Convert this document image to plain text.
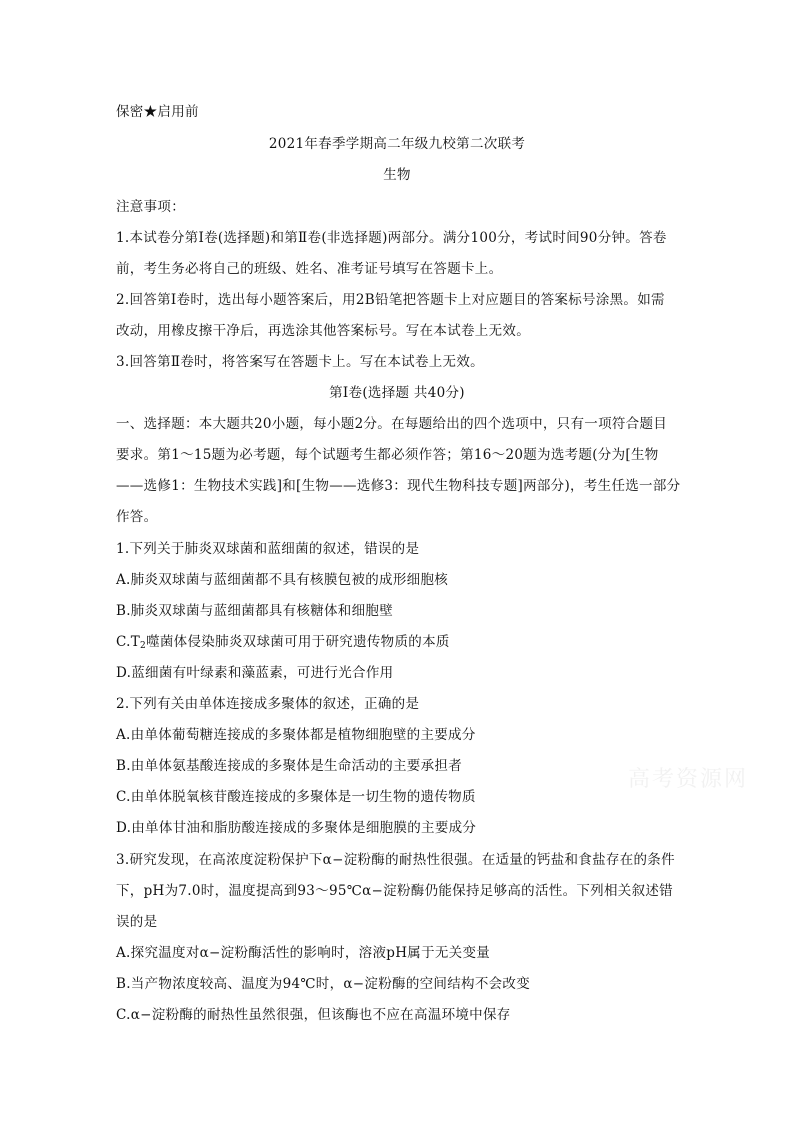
保密★启用前
2021年春季学期高二年级九校第二次联考
生物
注意事项：
1.本试卷分第Ⅰ卷(选择题)和第Ⅱ卷(非选择题)两部分。满分100分，考试时间90分钟。答卷
前，考生务必将自己的班级、姓名、准考证号填写在答题卡上。
2.回答第Ⅰ卷时，选出每小题答案后，用2B铅笔把答题卡上对应题目的答案标号涂黑。如需
改动，用橡皮擦干净后，再选涂其他答案标号。写在本试卷上无效。
3.回答第Ⅱ卷时，将答案写在答题卡上。写在本试卷上无效。
第Ⅰ卷(选择题 共40分)
一、选择题：本大题共20小题，每小题2分。在每题给出的四个选项中，只有一项符合题目
要求。第1～15题为必考题，每个试题考生都必须作答；第16～20题为选考题(分为[生物
——选修1：生物技术实践]和[生物——选修3：现代生物科技专题]两部分)，考生任选一部分
作答。
1.下列关于肺炎双球菌和蓝细菌的叙述，错误的是
A.肺炎双球菌与蓝细菌都不具有核膜包被的成形细胞核
B.肺炎双球菌与蓝细菌都具有核糖体和细胞壁
$C.T_2$噬菌体侵染肺炎双球菌可用于研究遗传物质的本质
D.蓝细菌有叶绿素和藻蓝素，可进行光合作用
2.下列有关由单体连接成多聚体的叙述，正确的是
A.由单体葡萄糖连接成的多聚体都是植物细胞壁的主要成分
B.由单体氨基酸连接成的多聚体是生命活动的主要承担者
C.由单体脱氧核苷酸连接成的多聚体是一切生物的遗传物质
D.由单体甘油和脂肪酸连接成的多聚体是细胞膜的主要成分
3.研究发现，在高浓度淀粉保护下α−淀粉酶的耐热性很强。在适量的钙盐和食盐存在的条件
下，pH为7.0时，温度提高到93～95℃α−淀粉酶仍能保持足够高的活性。下列相关叙述错
误的是
A.探究温度对α−淀粉酶活性的影响时，溶液pH属于无关变量
B.当产物浓度较高、温度为94℃时，α−淀粉酶的空间结构不会改变
C.α−淀粉酶的耐热性虽然很强，但该酶也不应在高温环境中保存
高考资源网
